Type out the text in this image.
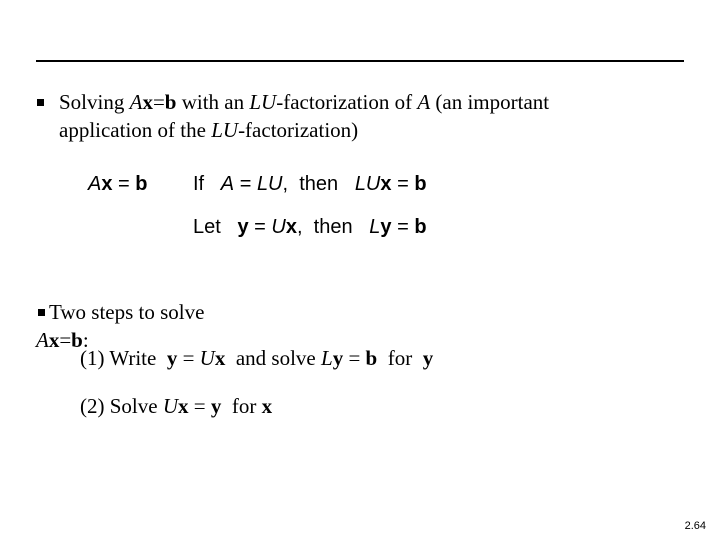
Solving Ax=b with an LU-factorization of A (an important
application of the LU-factorization)
Ax = b If A = LU, then LUx = b
Let y = Ux, then Ly = b
Two steps to solve
Ax=b:
(1) Write  y = Ux  and solve Ly = b  for  y
(2) Solve Ux = y  for x
2.64
